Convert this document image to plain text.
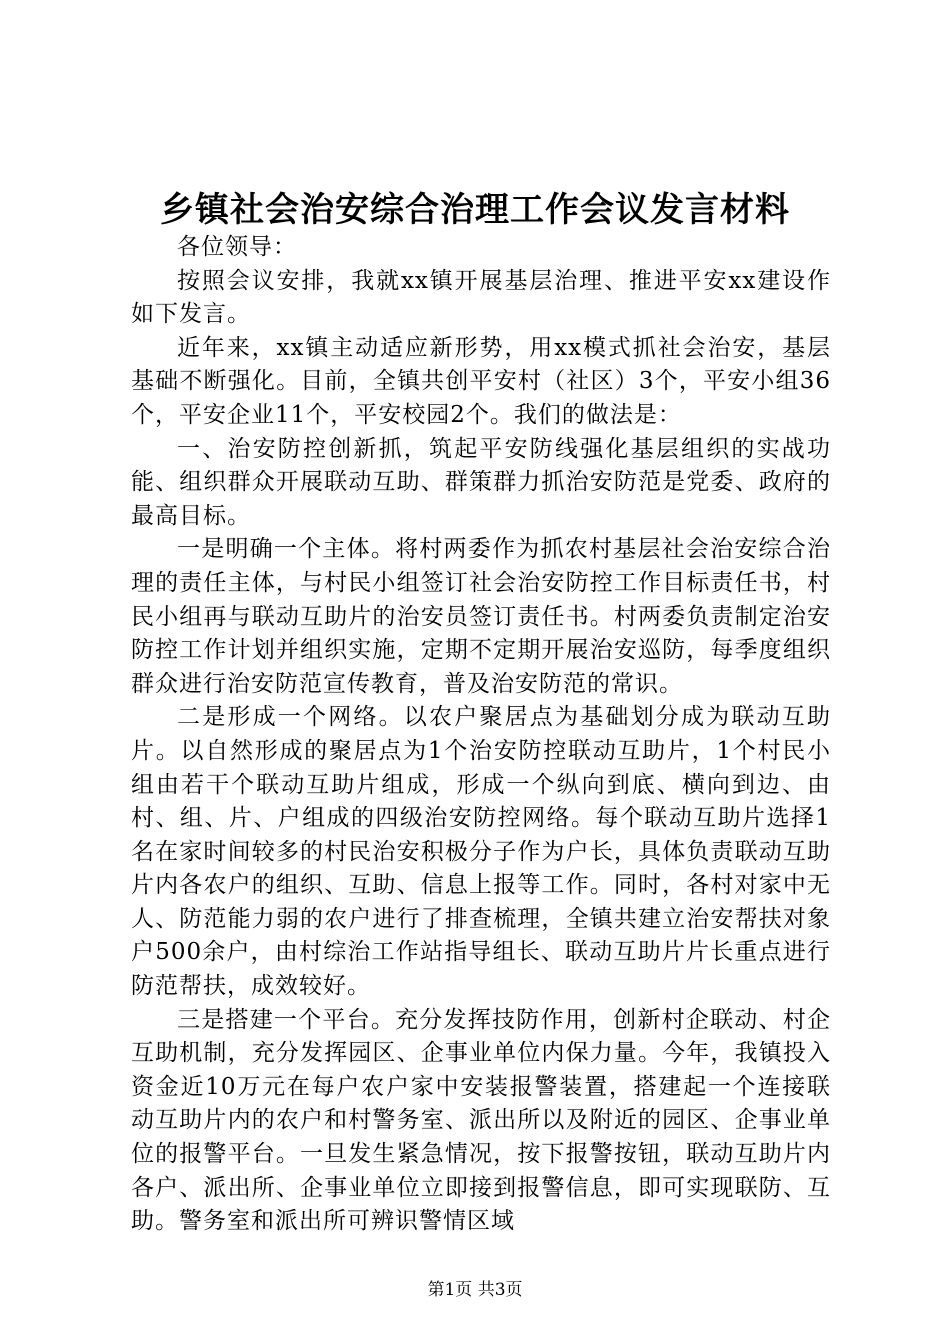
乡镇社会治安综合治理工作会议发言材料

各位领导：

按照会议安排，我就xx镇开展基层治理、推进平安xx建设作如下发言。

近年来，xx镇主动适应新形势，用xx模式抓社会治安，基层基础不断强化。目前，全镇共创平安村（社区）3个，平安小组36个，平安企业11个，平安校园2个。我们的做法是：

一、治安防控创新抓，筑起平安防线强化基层组织的实战功能、组织群众开展联动互助、群策群力抓治安防范是党委、政府的最高目标。

一是明确一个主体。将村两委作为抓农村基层社会治安综合治理的责任主体，与村民小组签订社会治安防控工作目标责任书，村民小组再与联动互助片的治安员签订责任书。村两委负责制定治安防控工作计划并组织实施，定期不定期开展治安巡防，每季度组织群众进行治安防范宣传教育，普及治安防范的常识。

二是形成一个网络。以农户聚居点为基础划分成为联动互助片。以自然形成的聚居点为1个治安防控联动互助片，1个村民小组由若干个联动互助片组成，形成一个纵向到底、横向到边、由村、组、片、户组成的四级治安防控网络。每个联动互助片选择1名在家时间较多的村民治安积极分子作为户长，具体负责联动互助片内各农户的组织、互助、信息上报等工作。同时，各村对家中无人、防范能力弱的农户进行了排查梳理，全镇共建立治安帮扶对象户500余户，由村综治工作站指导组长、联动互助片片长重点进行防范帮扶，成效较好。

三是搭建一个平台。充分发挥技防作用，创新村企联动、村企互助机制，充分发挥园区、企事业单位内保力量。今年，我镇投入资金近10万元在每户农户家中安装报警装置，搭建起一个连接联动互助片内的农户和村警务室、派出所以及附近的园区、企事业单位的报警平台。一旦发生紧急情况，按下报警按钮，联动互助片内各户、派出所、企事业单位立即接到报警信息，即可实现联防、互助。警务室和派出所可辨识警情区域

第1页 共3页
